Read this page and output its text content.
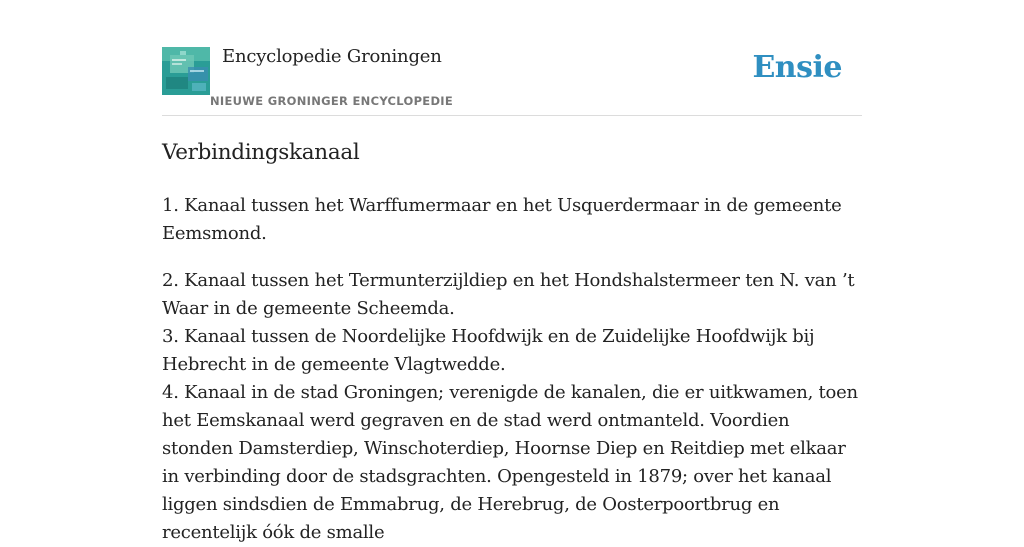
Encyclopedie Groningen
NIEUWE GRONINGER ENCYCLOPEDIE
Ensie
Verbindingskanaal

1. Kanaal tussen het Warffumermaar en het Usquerdermaar in de gemeente Eemsmond.

2. Kanaal tussen het Termunterzijldiep en het Hondshalstermeer ten N. van ’t Waar in de gemeente Scheemda.

3. Kanaal tussen de Noordelijke Hoofdwijk en de Zuidelijke Hoofdwijk bij Hebrecht in de gemeente Vlagtwedde.

4. Kanaal in de stad Groningen; verenigde de kanalen, die er uitkwamen, toen het Eemskanaal werd gegraven en de stad werd ontmanteld. Voordien stonden Damsterdiep, Winschoterdiep, Hoornse Diep en Reitdiep met elkaar in verbinding door de stadsgrachten. Opengesteld in 1879; over het kanaal liggen sindsdien de Emmabrug, de Herebrug, de Oosterpoortbrug en recentelijk óók de smalle
